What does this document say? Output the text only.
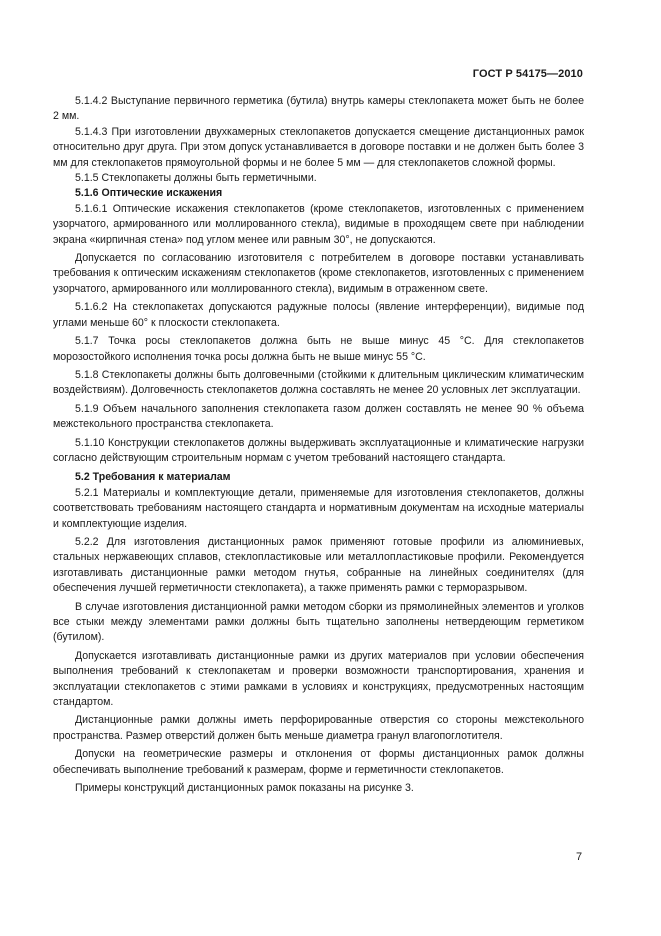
ГОСТ Р 54175—2010

5.1.4.2 Выступание первичного герметика (бутила) внутрь камеры стеклопакета может быть не более 2 мм.

5.1.4.3 При изготовлении двухкамерных стеклопакетов допускается смещение дистанционных рамок относительно друг друга. При этом допуск устанавливается в договоре поставки и не должен быть более 3 мм для стеклопакетов прямоугольной формы и не более 5 мм — для стеклопакетов сложной формы.

5.1.5 Стеклопакеты должны быть герметичными.

5.1.6 Оптические искажения

5.1.6.1 Оптические искажения стеклопакетов (кроме стеклопакетов, изготовленных с применением узорчатого, армированного или моллированного стекла), видимые в проходящем свете при наблюдении экрана «кирпичная стена» под углом менее или равным 30°, не допускаются.

Допускается по согласованию изготовителя с потребителем в договоре поставки устанавливать требования к оптическим искажениям стеклопакетов (кроме стеклопакетов, изготовленных с применением узорчатого, армированного или моллированного стекла), видимым в отраженном свете.

5.1.6.2 На стеклопакетах допускаются радужные полосы (явление интерференции), видимые под углами меньше 60° к плоскости стеклопакета.

5.1.7 Точка росы стеклопакетов должна быть не выше минус 45 °С. Для стеклопакетов морозостойкого исполнения точка росы должна быть не выше минус 55 °С.

5.1.8 Стеклопакеты должны быть долговечными (стойкими к длительным циклическим климатическим воздействиям). Долговечность стеклопакетов должна составлять не менее 20 условных лет эксплуатации.

5.1.9 Объем начального заполнения стеклопакета газом должен составлять не менее 90 % объема межстекольного пространства стеклопакета.

5.1.10 Конструкции стеклопакетов должны выдерживать эксплуатационные и климатические нагрузки согласно действующим строительным нормам с учетом требований настоящего стандарта.

5.2 Требования к материалам

5.2.1 Материалы и комплектующие детали, применяемые для изготовления стеклопакетов, должны соответствовать требованиям настоящего стандарта и нормативным документам на исходные материалы и комплектующие изделия.

5.2.2 Для изготовления дистанционных рамок применяют готовые профили из алюминиевых, стальных нержавеющих сплавов, стеклопластиковые или металлопластиковые профили. Рекомендуется изготавливать дистанционные рамки методом гнутья, собранные на линейных соединителях (для обеспечения лучшей герметичности стеклопакета), а также применять рамки с терморазрывом.

В случае изготовления дистанционной рамки методом сборки из прямолинейных элементов и уголков все стыки между элементами рамки должны быть тщательно заполнены нетвердеющим герметиком (бутилом).

Допускается изготавливать дистанционные рамки из других материалов при условии обеспечения выполнения требований к стеклопакетам и проверки возможности транспортирования, хранения и эксплуатации стеклопакетов с этими рамками в условиях и конструкциях, предусмотренных настоящим стандартом.

Дистанционные рамки должны иметь перфорированные отверстия со стороны межстекольного пространства. Размер отверстий должен быть меньше диаметра гранул влагопоглотителя.

Допуски на геометрические размеры и отклонения от формы дистанционных рамок должны обеспечивать выполнение требований к размерам, форме и герметичности стеклопакетов.

Примеры конструкций дистанционных рамок показаны на рисунке 3.

7
